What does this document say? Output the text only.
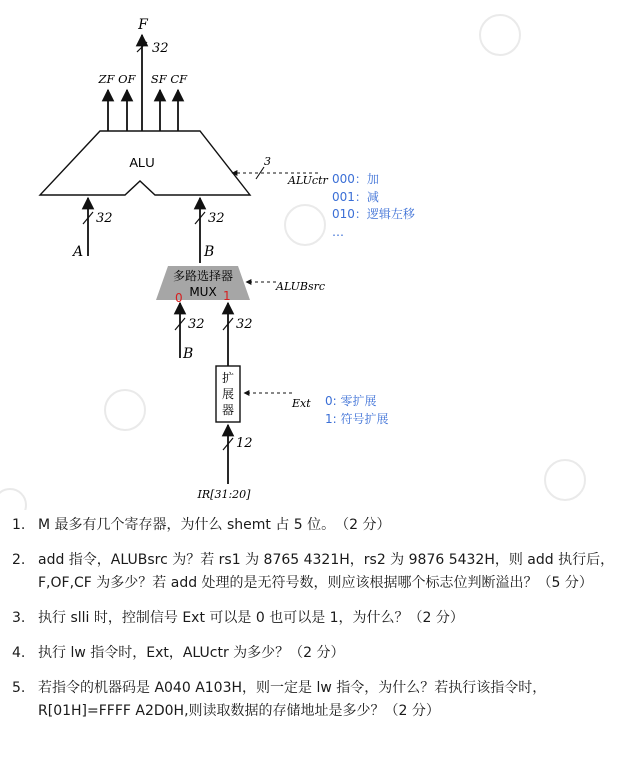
ALU
F
32
ZF OF SF CF
3
ALUctr 000：加
001：减
010：逻辑左移
…
32
A
32
B
多路选择器
MUX
0	1
ALUBsrc
32
B
32
扩
展
器	Ext 0: 零扩展
1: 符号扩展
12
IR[31:20]
1. M 最多有几个寄存器，为什么 shemt 占 5 位。　（2 分）
2. add 指令，ALUBsrc 为？若 rs1 为 8765 4321H，rs2 为 9876 5432H，则 add 执行后，F,OF,CF 为多少？若 add 处理的是无符号数，则应该根据哪个标志位判断溢出？（5 分）
3. 执行 slli 时，控制信号 Ext 可以是 0 也可以是 1，为什么？（2 分）
4. 执行 lw 指令时，Ext，ALUctr 为多少？（2 分）
5. 若指令的机器码是 A040 A103H，则一定是 lw 指令，为什么？若执行该指令时，R[01H]=FFFF A2D0H,则读取数据的存储地址是多少？（2 分）
